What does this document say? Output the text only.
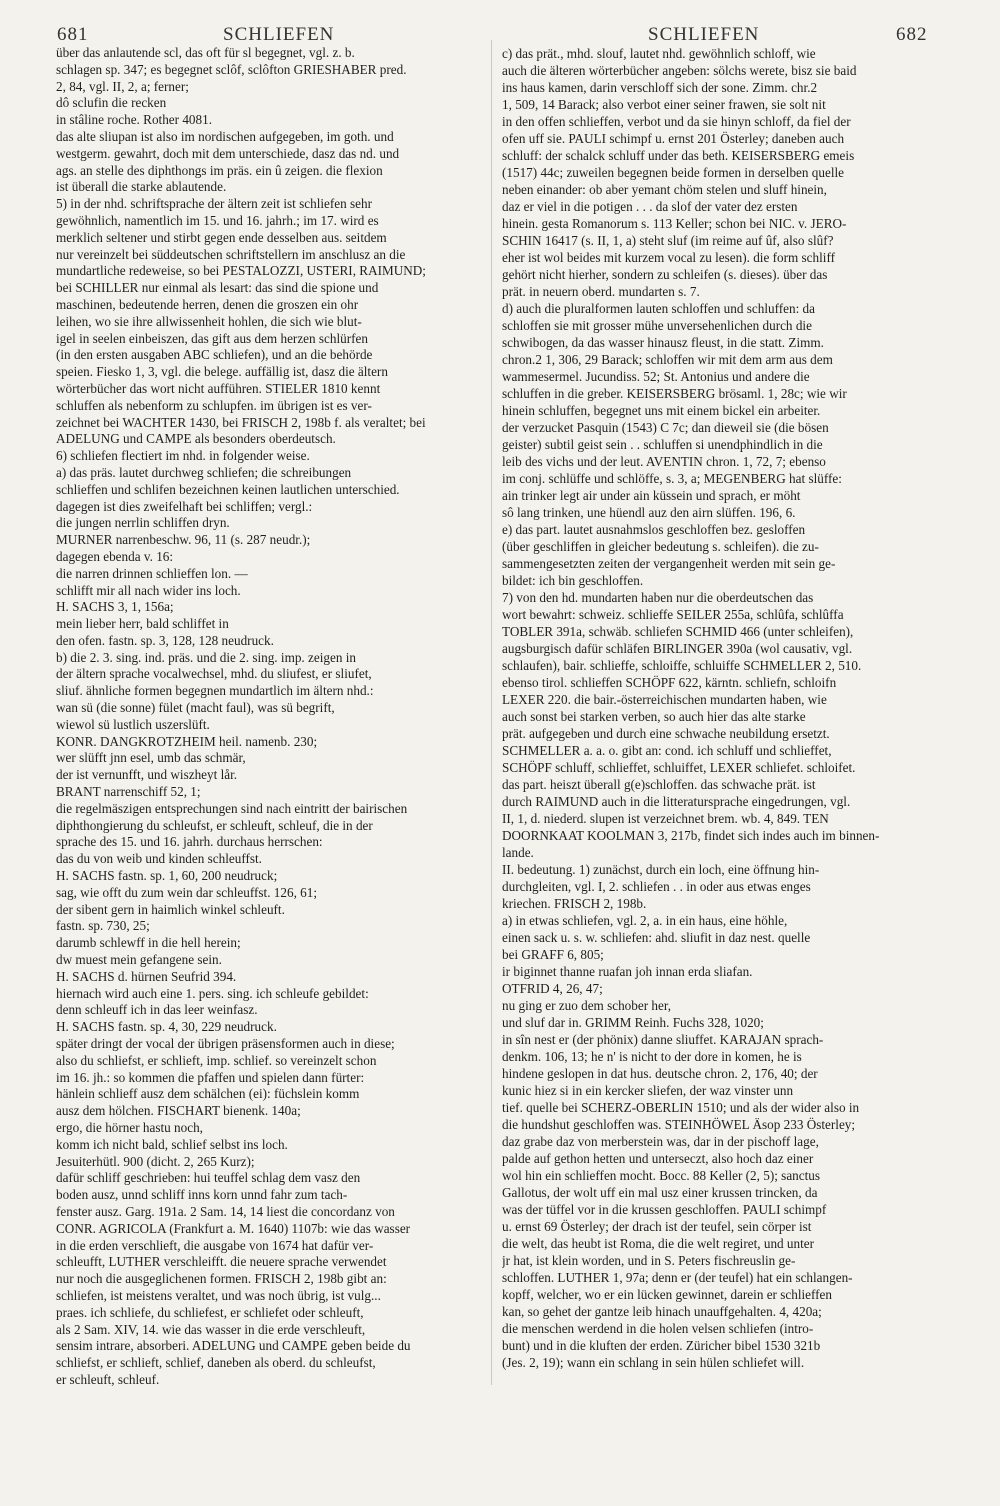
681	SCHLIEFEN	SCHLIEFEN	682
über das anlautende scl, das oft für sl begegnet, vgl. z. b.
schlagen sp. 347; es begegnet sclôf, sclôfton GRIESHABER pred.
2, 84, vgl. II, 2, a; ferner;
dô sclufin die recken
in stâline roche. Rother 4081.
das alte sliupan ist also im nordischen aufgegeben, im goth. und
westgerm. gewahrt, doch mit dem unterschiede, dasz das nd. und
ags. an stelle des diphthongs im präs. ein û zeigen. die flexion
ist überall die starke ablautende.
5) in der nhd. schriftsprache der ältern zeit ist schliefen sehr
gewöhnlich, namentlich im 15. und 16. jahrh.; im 17. wird es
merklich seltener und stirbt gegen ende desselben aus. seitdem
nur vereinzelt bei süddeutschen schriftstellern im anschlusz an die
mundartliche redeweise, so bei PESTALOZZI, USTERI, RAIMUND;
bei SCHILLER nur einmal als lesart: das sind die spione und
maschinen, bedeutende herren, denen die groszen ein ohr
leihen, wo sie ihre allwissenheit hohlen, die sich wie blut-
igel in seelen einbeiszen, das gift aus dem herzen schlürfen
(in den ersten ausgaben ABC schliefen), und an die behörde
speien. Fiesko 1, 3, vgl. die belege. auffällig ist, dasz die ältern
wörterbücher das wort nicht aufführen. STIELER 1810 kennt
schluffen als nebenform zu schlupfen. im übrigen ist es ver-
zeichnet bei WACHTER 1430, bei FRISCH 2, 198b f. als veraltet; bei
ADELUNG und CAMPE als besonders oberdeutsch.
6) schliefen flectiert im nhd. in folgender weise.
a) das präs. lautet durchweg schliefen; die schreibungen
schlieffen und schlifen bezeichnen keinen lautlichen unterschied.
dagegen ist dies zweifelhaft bei schliffen; vergl.:
die jungen nerrlin schliffen dryn.
MURNER narrenbeschw. 96, 11 (s. 287 neudr.);
dagegen ebenda v. 16:
die narren drinnen schlieffen lon. —
schlifft mir all nach wider ins loch.
H. SACHS 3, 1, 156a;
mein lieber herr, bald schliffet in
den ofen. fastn. sp. 3, 128, 128 neudruck.
b) die 2. 3. sing. ind. präs. und die 2. sing. imp. zeigen in
der ältern sprache vocalwechsel, mhd. du sliufest, er sliufet,
sliuf. ähnliche formen begegnen mundartlich im ältern nhd.:
wan sü (die sonne) fület (macht faul), was sü begrift,
wiewol sü lustlich uszerslüft.
KONR. DANGKROTZHEIM heil. namenb. 230;
wer slüfft jnn esel, umb das schmär,
der ist vernunfft, und wiszheyt lår.
BRANT narrenschiff 52, 1;
die regelmäszigen entsprechungen sind nach eintritt der bairischen
diphthongierung du schleufst, er schleuft, schleuf, die in der
sprache des 15. und 16. jahrh. durchaus herrschen:
das du von weib und kinden schleuffst.
H. SACHS fastn. sp. 1, 60, 200 neudruck;
sag, wie offt du zum wein dar schleuffst. 126, 61;
der sibent gern in haimlich winkel schleuft.
fastn. sp. 730, 25;
darumb schlewff in die hell herein;
dw muest mein gefangene sein.
H. SACHS d. hürnen Seufrid 394.
hiernach wird auch eine 1. pers. sing. ich schleufe gebildet:
denn schleuff ich in das leer weinfasz.
H. SACHS fastn. sp. 4, 30, 229 neudruck.
später dringt der vocal der übrigen präsensformen auch in diese;
also du schliefst, er schlieft, imp. schlief. so vereinzelt schon
im 16. jh.: so kommen die pfaffen und spielen dann fürter:
hänlein schlieff ausz dem schälchen (ei): füchslein komm
ausz dem hölchen. FISCHART bienenk. 140a;
ergo, die hörner hastu noch,
komm ich nicht bald, schlief selbst ins loch.
Jesuiterhütl. 900 (dicht. 2, 265 Kurz);
dafür schliff geschrieben: hui teuffel schlag dem vasz den
boden ausz, unnd schliff inns korn unnd fahr zum tach-
fenster ausz. Garg. 191a. 2 Sam. 14, 14 liest die concordanz von
CONR. AGRICOLA (Frankfurt a. M. 1640) 1107b: wie das wasser
in die erden verschlieft, die ausgabe von 1674 hat dafür ver-
schleufft, LUTHER verschleifft. die neuere sprache verwendet
nur noch die ausgeglichenen formen. FRISCH 2, 198b gibt an:
schliefen, ist meistens veraltet, und was noch übrig, ist vulg...
praes. ich schliefe, du schliefest, er schliefet oder schleuft,
als 2 Sam. XIV, 14. wie das wasser in die erde verschleuft,
sensim intrare, absorberi. ADELUNG und CAMPE geben beide du
schliefst, er schlieft, schlief, daneben als oberd. du schleufst,
er schleuft, schleuf.
c) das prät., mhd. slouf, lautet nhd. gewöhnlich schloff, wie
auch die älteren wörterbücher angeben: sölchs werete, bisz sie baid
ins haus kamen, darin verschloff sich der sone. Zimm. chr.2
1, 509, 14 Barack; also verbot einer seiner frawen, sie solt nit
in den offen schlieffen, verbot und da sie hinyn schloff, da fiel der
ofen uff sie. PAULI schimpf u. ernst 201 Österley; daneben auch
schluff: der schalck schluff under das beth. KEISERSBERG emeis
(1517) 44c; zuweilen begegnen beide formen in derselben quelle
neben einander: ob aber yemant chöm stelen und sluff hinein,
daz er viel in die potigen . . . da slof der vater dez ersten
hinein. gesta Romanorum s. 113 Keller; schon bei NIC. v. JERO-
SCHIN 16417 (s. II, 1, a) steht sluf (im reime auf ûf, also slûf?
eher ist wol beides mit kurzem vocal zu lesen). die form schliff
gehört nicht hierher, sondern zu schleifen (s. dieses). über das
prät. in neuern oberd. mundarten s. 7.
d) auch die pluralformen lauten schloffen und schluffen: da
schloffen sie mit grosser mühe unversehenlichen durch die
schwibogen, da das wasser hinausz fleust, in die statt. Zimm.
chron.2 1, 306, 29 Barack; schloffen wir mit dem arm aus dem
wammesermel. Jucundiss. 52; St. Antonius und andere die
schluffen in die greber. KEISERSBERG brösaml. 1, 28c; wie wir
hinein schluffen, begegnet uns mit einem bickel ein arbeiter.
der verzucket Pasquin (1543) C 7c; dan dieweil sie (die bösen
geister) subtil geist sein . . schluffen si unendphindlich in die
leib des vichs und der leut. AVENTIN chron. 1, 72, 7; ebenso
im conj. schlüffe und schlöffe, s. 3, a; MEGENBERG hat slüffe:
ain trinker legt air under ain küssein und sprach, er möht
sô lang trinken, une hüendl auz den airn slüffen. 196, 6.
e) das part. lautet ausnahmslos geschloffen bez. gesloffen
(über geschliffen in gleicher bedeutung s. schleifen). die zu-
sammengesetzten zeiten der vergangenheit werden mit sein ge-
bildet: ich bin geschloffen.
7) von den hd. mundarten haben nur die oberdeutschen das
wort bewahrt: schweiz. schlieffe SEILER 255a, schlûfa, schlûffa
TOBLER 391a, schwäb. schliefen SCHMID 466 (unter schleifen),
augsburgisch dafür schläfen BIRLINGER 390a (wol causativ, vgl.
schlaufen), bair. schlieffe, schloiffe, schluiffe SCHMELLER 2, 510.
ebenso tirol. schlieffen SCHÖPF 622, kärntn. schliefn, schloifn
LEXER 220. die bair.-österreichischen mundarten haben, wie
auch sonst bei starken verben, so auch hier das alte starke
prät. aufgegeben und durch eine schwache neubildung ersetzt.
SCHMELLER a. a. o. gibt an: cond. ich schluff und schlieffet,
SCHÖPF schluff, schlieffet, schluiffet, LEXER schliefet. schloifet.
das part. heiszt überall g(e)schloffen. das schwache prät. ist
durch RAIMUND auch in die litteratursprache eingedrungen, vgl.
II, 1, d. niederd. slupen ist verzeichnet brem. wb. 4, 849. TEN
DOORNKAAT KOOLMAN 3, 217b, findet sich indes auch im binnen-
lande.
II. bedeutung. 1) zunächst, durch ein loch, eine öffnung hin-
durchgleiten, vgl. I, 2. schliefen . . in oder aus etwas enges
kriechen. FRISCH 2, 198b.
a) in etwas schliefen, vgl. 2, a. in ein haus, eine höhle,
einen sack u. s. w. schliefen: ahd. sliufit in daz nest. quelle
bei GRAFF 6, 805;
ir biginnet thanne ruafan joh innan erda sliafan.
OTFRID 4, 26, 47;
nu ging er zuo dem schober her,
und sluf dar in. GRIMM Reinh. Fuchs 328, 1020;
in sîn nest er (der phönix) danne sliuffet. KARAJAN sprach-
denkm. 106, 13; he n' is nicht to der dore in komen, he is
hindene geslopen in dat hus. deutsche chron. 2, 176, 40; der
kunic hiez si in ein kercker sliefen, der waz vinster unn
tief. quelle bei SCHERZ-OBERLIN 1510; und als der wider also in
die hundshut geschloffen was. STEINHÖWEL Äsop 233 Österley;
daz grabe daz von merberstein was, dar in der pischoff lage,
palde auf gethon hetten und unterseczt, also hoch daz einer
wol hin ein schlieffen mocht. Bocc. 88 Keller (2, 5); sanctus
Gallotus, der wolt uff ein mal usz einer krussen trincken, da
was der tüffel vor in die krussen geschloffen. PAULI schimpf
u. ernst 69 Österley; der drach ist der teufel, sein cörper ist
die welt, das heubt ist Roma, die die welt regiret, und unter
jr hat, ist klein worden, und in S. Peters fischreuslin ge-
schloffen. LUTHER 1, 97a; denn er (der teufel) hat ein schlangen-
kopff, welcher, wo er ein lücken gewinnet, darein er schlieffen
kan, so gehet der gantze leib hinach unauffgehalten. 4, 420a;
die menschen werdend in die holen velsen schliefen (intro-
bunt) und in die kluften der erden. Züricher bibel 1530 321b
(Jes. 2, 19); wann ein schlang in sein hülen schliefet will.
